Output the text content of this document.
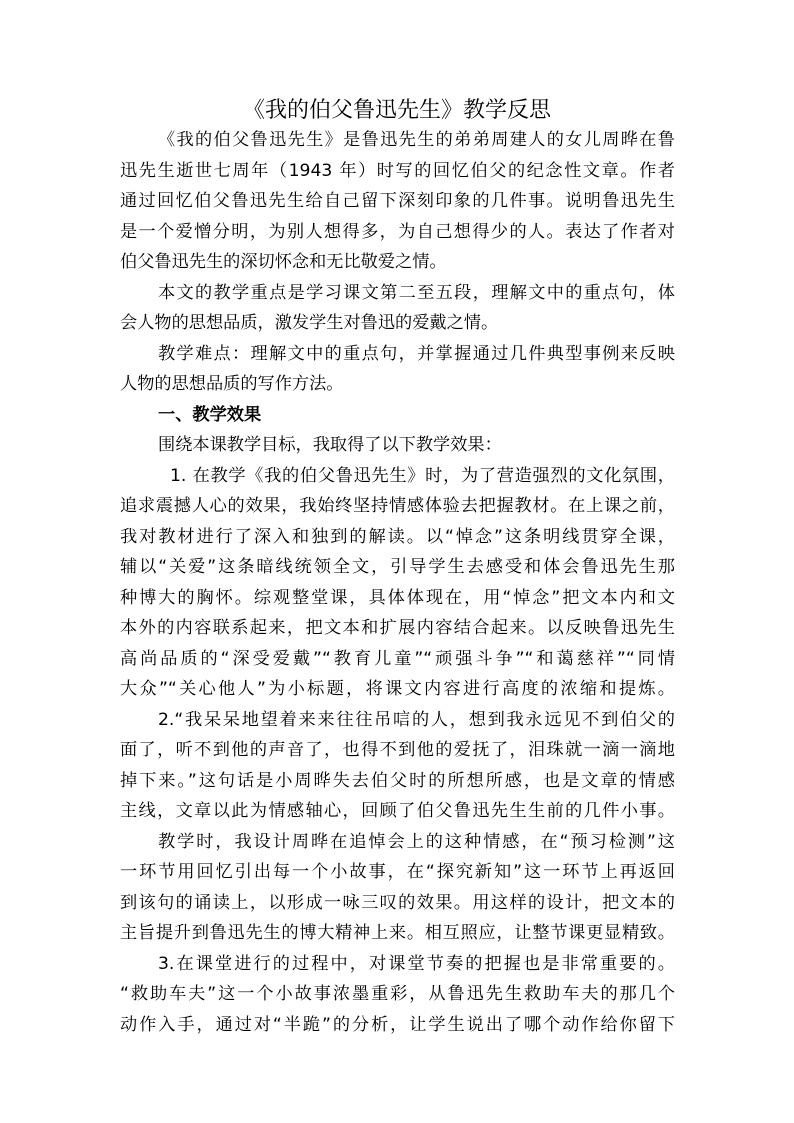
《我的伯父鲁迅先生》教学反思
《我的伯父鲁迅先生》是鲁迅先生的弟弟周建人的女儿周晔在鲁
迅先生逝世七周年（1943 年）时写的回忆伯父的纪念性文章。作者
通过回忆伯父鲁迅先生给自己留下深刻印象的几件事。说明鲁迅先生
是一个爱憎分明，为别人想得多，为自己想得少的人。表达了作者对
伯父鲁迅先生的深切怀念和无比敬爱之情。
本文的教学重点是学习课文第二至五段，理解文中的重点句，体
会人物的思想品质，激发学生对鲁迅的爱戴之情。
教学难点：理解文中的重点句，并掌握通过几件典型事例来反映
人物的思想品质的写作方法。
一、教学效果
围绕本课教学目标，我取得了以下教学效果：
1. 在教学《我的伯父鲁迅先生》时，为了营造强烈的文化氛围，
追求震撼人心的效果，我始终坚持情感体验去把握教材。在上课之前，
我对教材进行了深入和独到的解读。以“悼念”这条明线贯穿全课，
辅以“关爱”这条暗线统领全文，引导学生去感受和体会鲁迅先生那
种博大的胸怀。综观整堂课，具体体现在，用“悼念”把文本内和文
本外的内容联系起来，把文本和扩展内容结合起来。以反映鲁迅先生
高尚品质的“深受爱戴”“教育儿童”“顽强斗争”“和蔼慈祥”“同情
大众”“关心他人”为小标题，将课文内容进行高度的浓缩和提炼。
2.“我呆呆地望着来来往往吊唁的人，想到我永远见不到伯父的
面了，听不到他的声音了，也得不到他的爱抚了，泪珠就一滴一滴地
掉下来。”这句话是小周晔失去伯父时的所想所感，也是文章的情感
主线，文章以此为情感轴心，回顾了伯父鲁迅先生生前的几件小事。
教学时，我设计周晔在追悼会上的这种情感，在“预习检测”这
一环节用回忆引出每一个小故事，在“探究新知”这一环节上再返回
到该句的诵读上，以形成一咏三叹的效果。用这样的设计，把文本的
主旨提升到鲁迅先生的博大精神上来。相互照应，让整节课更显精致。
3.在课堂进行的过程中，对课堂节奏的把握也是非常重要的。
“救助车夫”这一个小故事浓墨重彩，从鲁迅先生救助车夫的那几个
动作入手，通过对“半跪”的分析，让学生说出了哪个动作给你留下
